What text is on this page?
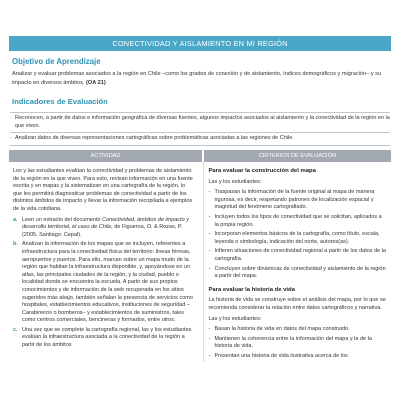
CONECTIVIDAD Y AISLAMIENTO EN MI REGIÓN
Objetivo de Aprendizaje
Analizar y evaluar problemas asociados a la región en Chile –como los grados de conexión y de aislamiento, índices demográficos y migración– y su impacto en diversos ámbitos. (OA 21)
Indicadores de Evaluación
· Reconocen, a partir de datos e información geográfica de diversas fuentes, algunos impactos asociados al aislamiento y la conectividad de la región en la que viven.
· Analizan datos de diversas representaciones cartográficas sobre problemáticas asociadas a las regiones de Chile.
ACTIVIDAD	CRITERIOS DE EVALUACIÓN
Los y las estudiantes evalúan la conectividad y problemas de aislamiento de la región en la que viven. Para esto, revisan información en una fuente escrita y en mapas y la sistematizan en una cartografía de la región, lo que les permitirá diagnosticar problemas de conectividad a partir de los distintos ámbitos de impacto y llevar la información recopilada a ejemplos de la vida cotidiana.
a. Leen un extracto del documento Conectividad, ámbitos de impacto y desarrollo territorial, el caso de Chile, de Figueroa, O. & Rozas, P. (2005. Santiago: Cepal).
b. Analizan la información de los mapas que se incluyen, referentes a infraestructura para la conectividad física del territorio: líneas férreas, aeropuertos y puertos. Para ello, marcan sobre un mapa mudo de la región que habitan la infraestructura disponible, y, apoyándose en un atlas, las principales ciudades de la región, y la ciudad, pueblo o localidad donde se encuentra la escuela. A partir de sus propios conocimientos y de información de la web recuperada en los sitios sugeridos más abajo, también señalan la presencia de servicios como hospitales, establecimientos educativos, instituciones de seguridad –Carabineros o bomberos– y establecimientos de suministros, tales como centros comerciales, bencineras y formados, entre otros.
c. Una vez que se complete la cartografía regional, las y los estudiantes evalúan la infraestructura asociada a la conectividad de la región a partir de los ámbitos
Para evaluar la construcción del mapa
Las y los estudiantes:
- Traspasan la información de la fuente original al mapa de manera rigurosa, es decir, respetando patrones de localización espacial y magnitud del fenómeno cartografiado.
- Incluyen todos los tipos de conectividad que se solicitan, aplicados a la propia región.
- Incorporan elementos básicos de la cartografía, como título, escala, leyenda o simbología, indicación del norte, autores(as).
- Infieren situaciones de conectividad regional a partir de los datos de la cartografía.
- Concluyen sobre dinámicas de conectividad y aislamiento de la región a partir del mapa.
Para evaluar la historia de vida
La historia de vida se construye sobre el análisis del mapa, por lo que se recomienda considerar la relación entre datos cartográficos y narrativa.
Las y los estudiantes:
- Basan la historia de vida en datos del mapa construido.
- Mantienen la coherencia entre la información del mapa y la de la historia de vida.
- Presentan una historia de vida ilustrativa acerca de los
